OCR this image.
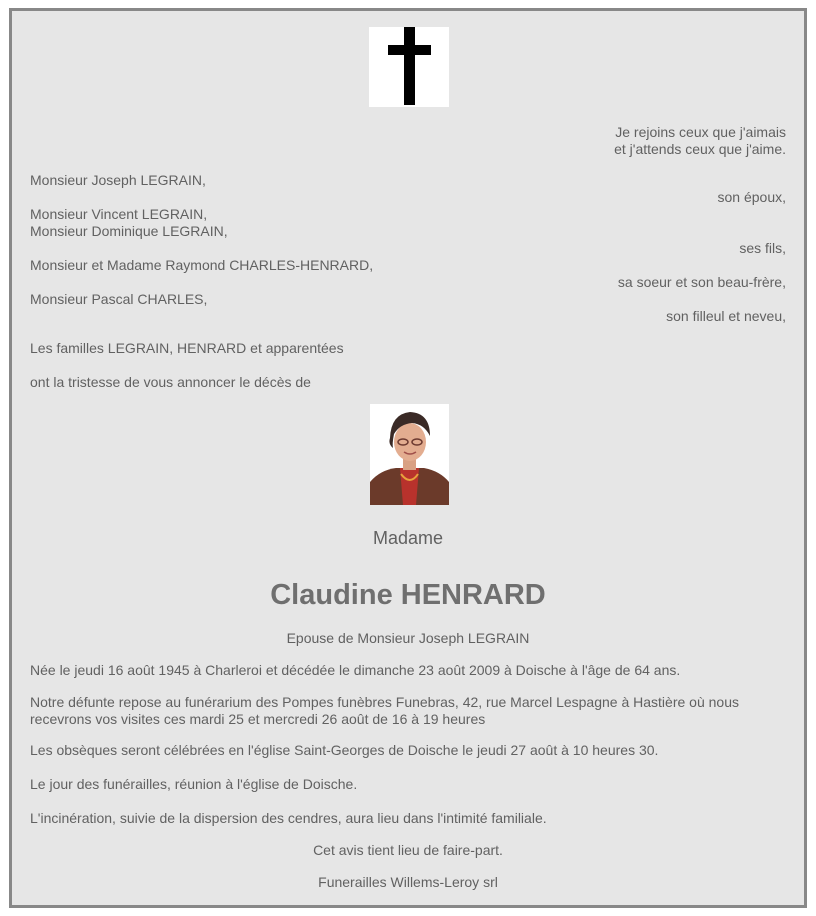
Je rejoins ceux que j'aimais
et j'attends ceux que j'aime.
Monsieur Joseph LEGRAIN,
son époux,
Monsieur Vincent LEGRAIN,
Monsieur Dominique LEGRAIN,
ses fils,
Monsieur et Madame Raymond CHARLES-HENRARD,
sa soeur et son beau-frère,
Monsieur Pascal CHARLES,
son filleul et neveu,
Les familles LEGRAIN, HENRARD et apparentées
ont la tristesse de vous annoncer le décès de
Madame
Claudine HENRARD
Epouse de Monsieur Joseph LEGRAIN
Née le jeudi 16 août 1945 à Charleroi et décédée le dimanche 23 août 2009 à Doische à l'âge de 64 ans.
Notre défunte repose au funérarium des Pompes funèbres Funebras, 42, rue Marcel Lespagne à Hastière où nous
recevrons vos visites ces mardi 25 et mercredi 26 août de 16 à 19 heures
Les obsèques seront célébrées en l'église Saint-Georges de Doische le jeudi 27 août à 10 heures 30.
Le jour des funérailles, réunion à l'église de Doische.
L'incinération, suivie de la dispersion des cendres, aura lieu dans l'intimité familiale.
Cet avis tient lieu de faire-part.
Funerailles Willems-Leroy srl
